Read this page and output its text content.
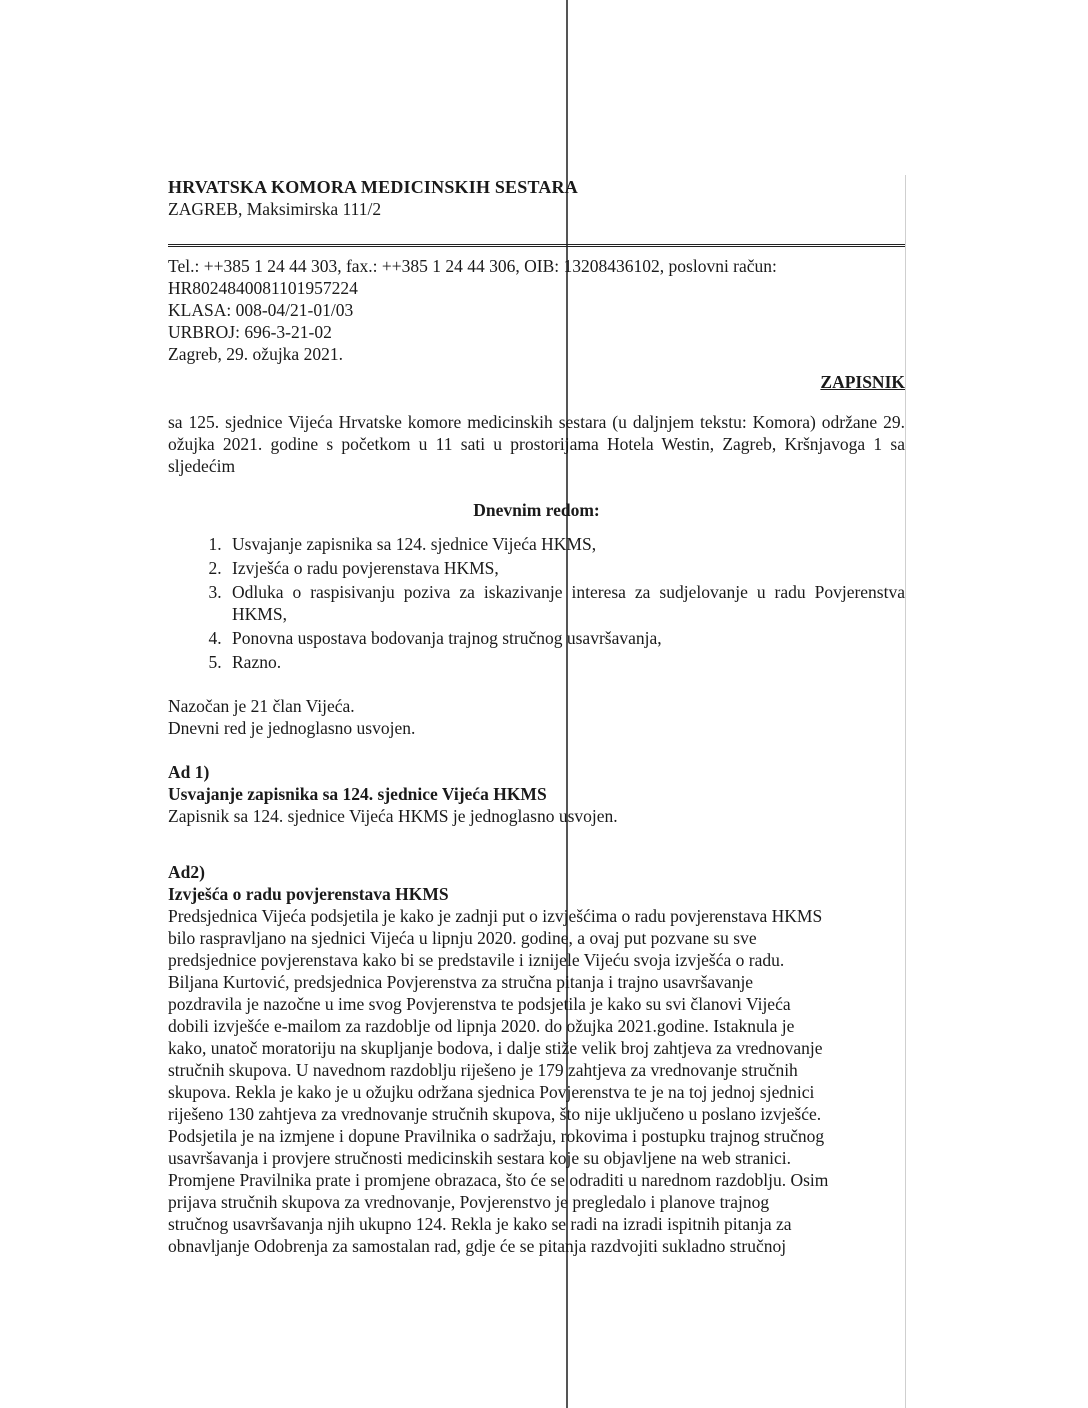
HRVATSKA KOMORA MEDICINSKIH SESTARA
ZAGREB, Maksimirska 111/2
Tel.: ++385 1 24 44 303, fax.: ++385 1 24 44 306, OIB: 13208436102, poslovni račun:
HR8024840081101957224
KLASA: 008-04/21-01/03
URBROJ: 696-3-21-02
Zagreb, 29. ožujka 2021.
ZAPISNIK
sa 125. sjednice Vijeća Hrvatske komore medicinskih sestara (u daljnjem tekstu: Komora) održane 29. ožujka 2021. godine s početkom u 11 sati u prostorijama Hotela Westin, Zagreb, Kršnjavoga 1 sa sljedećim
Dnevnim redom:
1. Usvajanje zapisnika sa 124. sjednice Vijeća HKMS,
2. Izvješća o radu povjerenstava HKMS,
3. Odluka o raspisivanju poziva za iskazivanje interesa za sudjelovanje u radu Povjerenstva HKMS,
4. Ponovna uspostava bodovanja trajnog stručnog usavršavanja,
5. Razno.
Nazočan je 21 član Vijeća.
Dnevni red je jednoglasno usvojen.
Ad 1)
Usvajanje zapisnika sa 124. sjednice Vijeća HKMS
Zapisnik sa 124. sjednice Vijeća HKMS je jednoglasno usvojen.
Ad2)
Izvješća o radu povjerenstava HKMS
Predsjednica Vijeća podsjetila je kako je zadnji put o izvješćima o radu povjerenstava HKMS
bilo raspravljano na sjednici Vijeća u lipnju 2020. godine, a ovaj put pozvane su sve
predsjednice povjerenstava kako bi se predstavile i iznijele Vijeću svoja izvješća o radu.
Biljana Kurtović, predsjednica Povjerenstva za stručna pitanja i trajno usavršavanje
pozdravila je nazočne u ime svog Povjerenstva te podsjetila je kako su svi članovi Vijeća
dobili izvješće e-mailom za razdoblje od lipnja 2020. do ožujka 2021.godine. Istaknula je
kako, unatoč moratoriju na skupljanje bodova, i dalje stiže velik broj zahtjeva za vrednovanje
stručnih skupova. U navednom razdoblju riješeno je 179 zahtjeva za vrednovanje stručnih
skupova. Rekla je kako je u ožujku održana sjednica Povjerenstva te je na toj jednoj sjednici
riješeno 130 zahtjeva za vrednovanje stručnih skupova, što nije uključeno u poslano izvješće.
Podsjetila je na izmjene i dopune Pravilnika o sadržaju, rokovima i postupku trajnog stručnog
usavršavanja i provjere stručnosti medicinskih sestara koje su objavljene na web stranici.
Promjene Pravilnika prate i promjene obrazaca, što će se odraditi u narednom razdoblju. Osim
prijava stručnih skupova za vrednovanje, Povjerenstvo je pregledalo i planove trajnog
stručnog usavršavanja njih ukupno 124. Rekla je kako se radi na izradi ispitnih pitanja za
obnavljanje Odobrenja za samostalan rad, gdje će se pitanja razdvojiti sukladno stručnoj
